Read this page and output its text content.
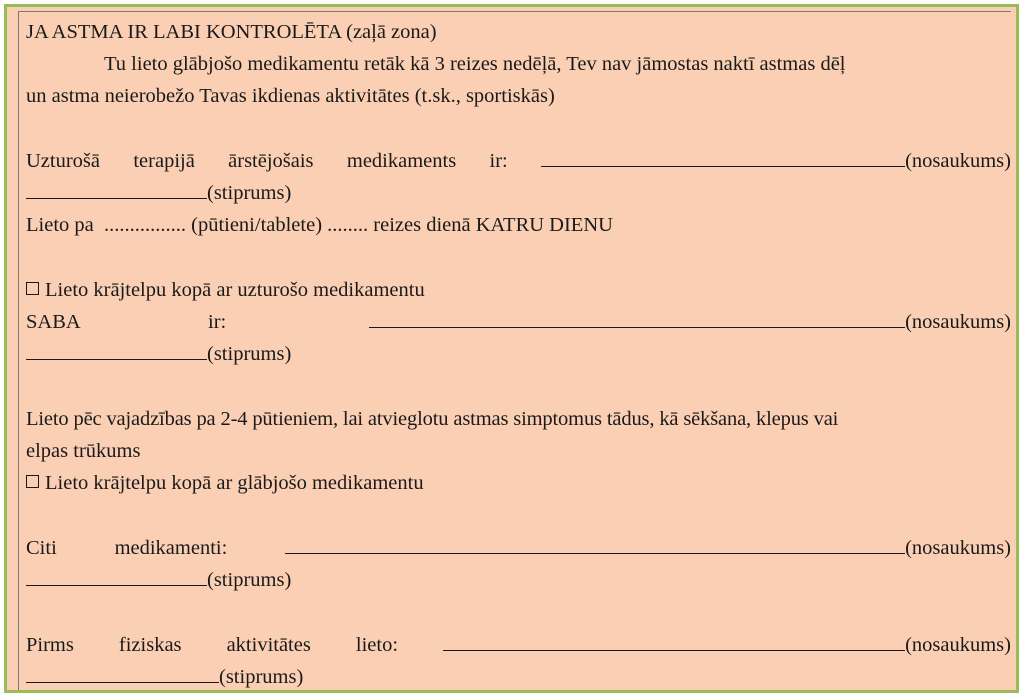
JA ASTMA IR LABI KONTROLĒTA (zaļā zona)
Tu lieto glābjošo medikamentu retāk kā 3 reizes nedēļā, Tev nav jāmostas naktī astmas dēļ
un astma neierobežo Tavas ikdienas aktivitātes (t.sk., sportiskās)
Uzturošā terapijā ārstējošais medikaments ir:	(nosaukums)
(stiprums)
Lieto pa  ................ (pūtieni/tablete) ........ reizes dienā KATRU DIENU
Lieto krājtelpu kopā ar uzturošo medikamentu
SABA	ir:	(nosaukums)
(stiprums)
Lieto pēc vajadzības pa 2-4 pūtieniem, lai atvieglotu astmas simptomus tādus, kā sēkšana, klepus vai
elpas trūkums
Lieto krājtelpu kopā ar glābjošo medikamentu
Citi	medikamenti:	(nosaukums)
(stiprums)
Pirms fiziskas aktivitātes lieto:	(nosaukums)
(stiprums)
